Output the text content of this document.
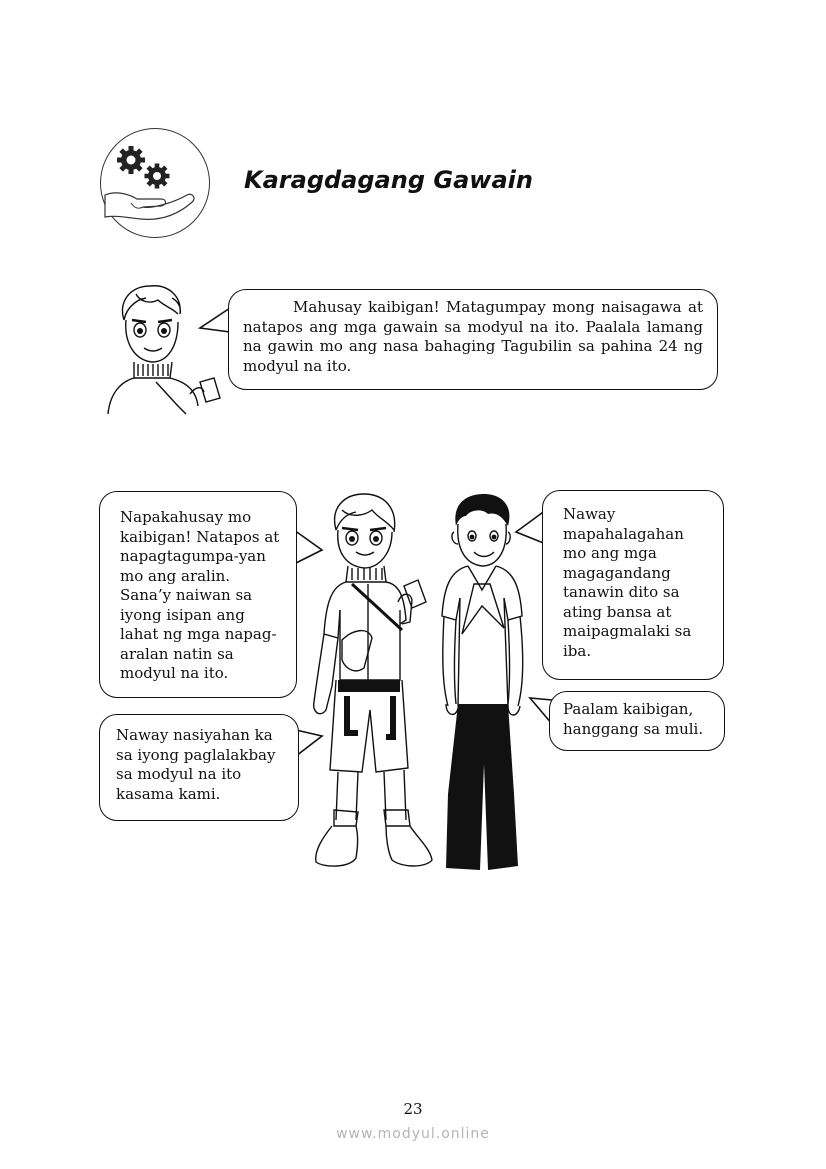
Karagdagang Gawain
Mahusay kaibigan! Matagumpay mong naisagawa at natapos ang mga gawain sa modyul na ito. Paalala lamang na gawin mo ang nasa bahaging Tagubilin sa pahina 24 ng modyul na ito.
Napakahusay mo
kaibigan! Natapos at
napagtagumpa-yan
mo ang aralin.
Sana’y naiwan sa
iyong isipan ang
lahat ng mga napag-
aralan natin sa
modyul na ito.
Naway nasiyahan ka
sa iyong paglalakbay
sa modyul na ito
kasama kami.
Naway
mapahalagahan
mo ang mga
magagandang
tanawin dito sa
ating bansa at
maipagmalaki sa
iba.
Paalam kaibigan,
hanggang sa muli.
23
www.modyul.online
